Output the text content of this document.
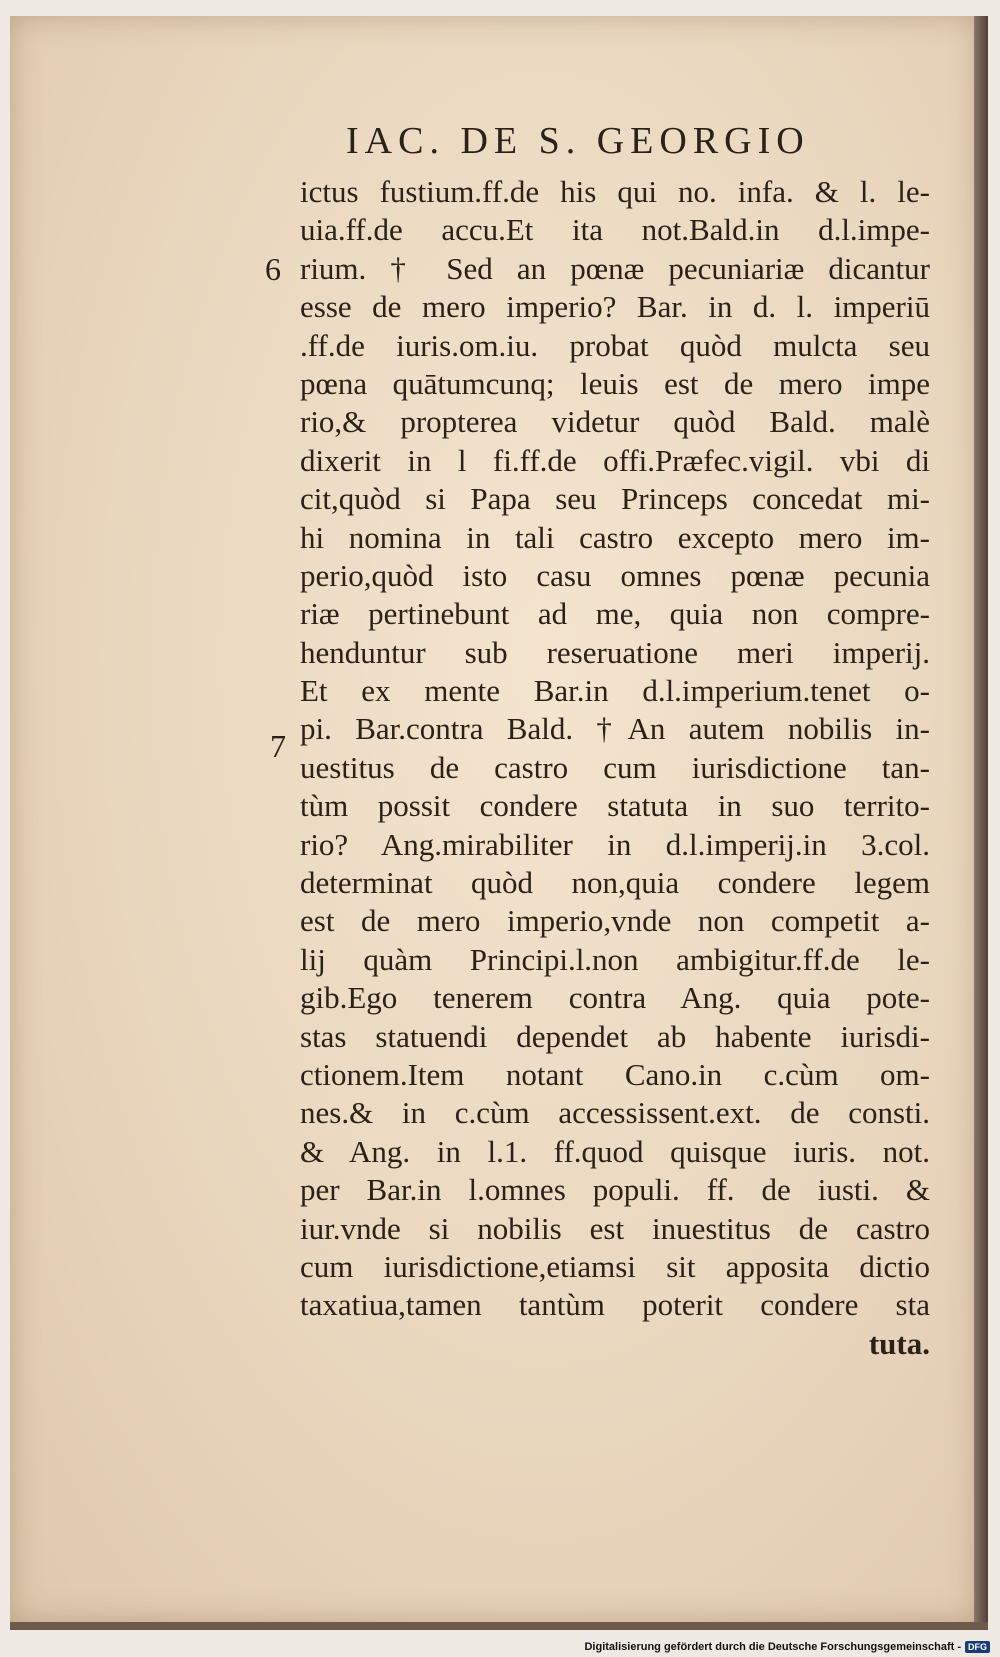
IAC. DE S. GEORGIO
6
7
ictus fustium.ff.de his qui no. infa. & l. le-
uia.ff.de accu.Et ita not.Bald.in d.l.impe-
rium. † Sed an pœnæ pecuniariæ dicantur
esse de mero imperio? Bar. in d. l. imperiū
.ff.de iuris.om.iu. probat quòd mulcta seu
pœna quātumcunq; leuis est de mero impe
rio,& propterea videtur quòd Bald. malè
dixerit in l fi.ff.de offi.Præfec.vigil. vbi di
cit,quòd si Papa seu Princeps concedat mi-
hi nomina in tali castro excepto mero im-
perio,quòd isto casu omnes pœnæ pecunia
riæ pertinebunt ad me, quia non compre-
henduntur sub reseruatione meri imperij.
Et ex mente Bar.in d.l.imperium.tenet o-
pi. Bar.contra Bald. †An autem nobilis in-
uestitus de castro cum iurisdictione tan-
tùm possit condere statuta in suo territo-
rio? Ang.mirabiliter in d.l.imperij.in 3.col.
determinat quòd non,quia condere legem
est de mero imperio,vnde non competit a-
lij quàm Principi.l.non ambigitur.ff.de le-
gib.Ego tenerem contra Ang. quia pote-
stas statuendi dependet ab habente iurisdi-
ctionem.Item notant Cano.in c.cùm om-
nes.& in c.cùm accessissent.ext. de consti.
& Ang. in l.1. ff.quod quisque iuris. not.
per Bar.in l.omnes populi. ff. de iusti. &
iur.vnde si nobilis est inuestitus de castro
cum iurisdictione,etiamsi sit apposita dictio
taxatiua,tamen tantùm poterit condere sta
tuta.
Digitalisierung gefördert durch die Deutsche Forschungsgemeinschaft - DFG
